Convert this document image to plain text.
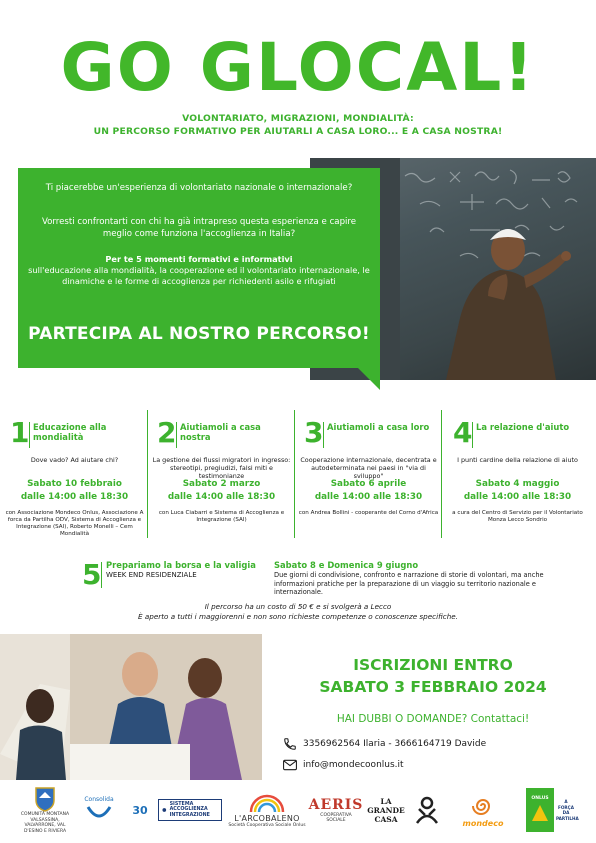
GO GLOCAL!
VOLONTARIATO, MIGRAZIONI, MONDIALITÀ:
UN PERCORSO FORMATIVO PER AIUTARLI A CASA LORO... E A CASA NOSTRA!
Ti piacerebbe un'esperienza di volontariato nazionale o internazionale?
Vorresti confrontarti con chi ha già intrapreso questa esperienza e capire meglio come funziona l'accoglienza in Italia?
Per te 5 momenti formativi e informativi
sull'educazione alla mondialità, la cooperazione ed il volontariato internazionale, le dinamiche e le forme di accoglienza per richiedenti asilo e rifugiati
PARTECIPA AL NOSTRO PERCORSO!
1 Educazione alla mondialità
Dove vado? Ad aiutare chi?
Sabato 10 febbraio
dalle 14:00 alle 18:30
con Associazione Mondeco Onlus, Associazione A forca da Partilha ODV, Sistema di Accoglienza e Integrazione (SAI), Roberto Monelli – Cem Mondialità
2 Aiutiamoli a casa nostra
La gestione dei flussi migratori in ingresso: stereotipi, pregiudizi, falsi miti e testimonianze
Sabato 2 marzo
dalle 14:00 alle 18:30
con Luca Ciabarri e Sistema di Accoglienza e Integrazione (SAI)
3 Aiutiamoli a casa loro
Cooperazione internazionale, decentrata e autodeterminata nei paesi in "via di sviluppo"
Sabato 6 aprile
dalle 14:00 alle 18:30
con Andrea Bollini - cooperante del Corno d'Africa
4 La relazione d'aiuto
I punti cardine della relazione di aiuto
Sabato 4 maggio
dalle 14:00 alle 18:30
a cura del Centro di Servizio per il Volontariato Monza Lecco Sondrio
5 Prepariamo la borsa e la valigia
WEEK END RESIDENZIALE
Sabato 8 e Domenica 9 giugno
Due giorni di condivisione, confronto e narrazione di storie di volontari, ma anche informazioni pratiche per la preparazione di un viaggio su territorio nazionale e internazionale.
Il percorso ha un costo di 50 € e si svolgerà a Lecco
È aperto a tutti i maggiorenni e non sono richieste competenze o conoscenze specifiche.
ISCRIZIONI ENTRO
SABATO 3 FEBBRAIO 2024
HAI DUBBI O DOMANDE? Contattaci!
3356962564 Ilaria - 3666164719 Davide
info@mondecoonlus.it
COMUNITÀ MONTANA VALSASSINA, VALVARRONE, VAL D'ESINO E RIVIERA
Consolida
30	SISTEMA ACCOGLIENZA INTEGRAZIONE	L'ARCOBALENO
Società Cooperativa Sociale Onlus
AERIS
COOPERATIVA SOCIALE
LA GRANDE CASA	mondeco
ONLUS
A FORÇA DA PARTILHA
